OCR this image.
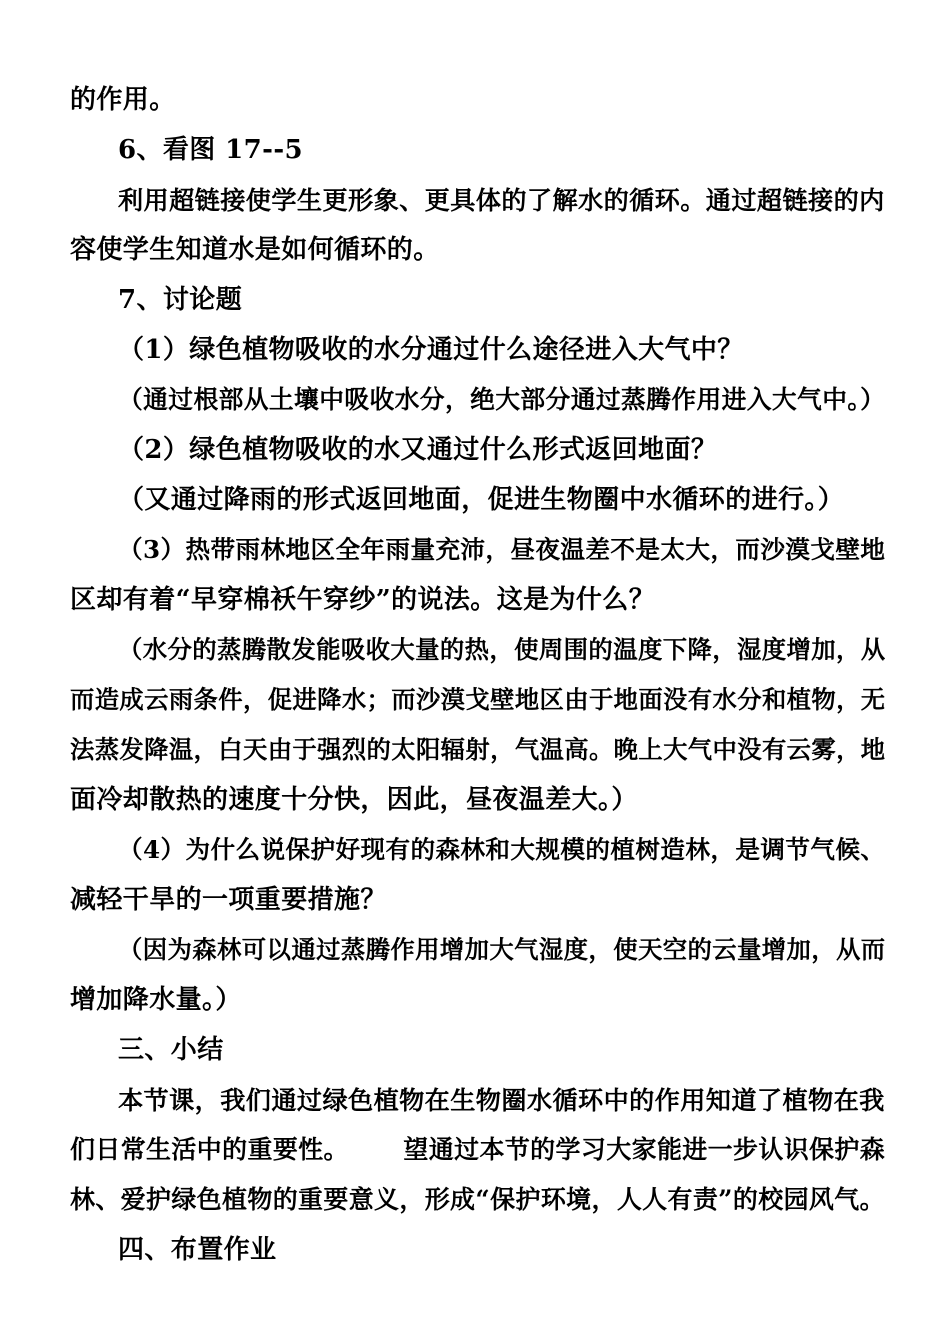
的作用。
6、看图 17--5
利用超链接使学生更形象、更具体的了解水的循环。通过超链接的内
容使学生知道水是如何循环的。
7、讨论题
（1）绿色植物吸收的水分通过什么途径进入大气中？
（通过根部从土壤中吸收水分，绝大部分通过蒸腾作用进入大气中。）
（2）绿色植物吸收的水又通过什么形式返回地面？
（又通过降雨的形式返回地面，促进生物圈中水循环的进行。）
（3）热带雨林地区全年雨量充沛，昼夜温差不是太大，而沙漠戈壁地
区却有着“早穿棉袄午穿纱”的说法。这是为什么？
（水分的蒸腾散发能吸收大量的热，使周围的温度下降，湿度增加，从
而造成云雨条件，促进降水；而沙漠戈壁地区由于地面没有水分和植物，无
法蒸发降温，白天由于强烈的太阳辐射，气温高。晚上大气中没有云雾，地
面冷却散热的速度十分快，因此，昼夜温差大。）
（4）为什么说保护好现有的森林和大规模的植树造林，是调节气候、
减轻干旱的一项重要措施？
（因为森林可以通过蒸腾作用增加大气湿度，使天空的云量增加，从而
增加降水量。）
三、小结
本节课，我们通过绿色植物在生物圈水循环中的作用知道了植物在我
们日常生活中的重要性。      望通过本节的学习大家能进一步认识保护森
林、爱护绿色植物的重要意义，形成“保护环境，人人有责”的校园风气。
四、布置作业
